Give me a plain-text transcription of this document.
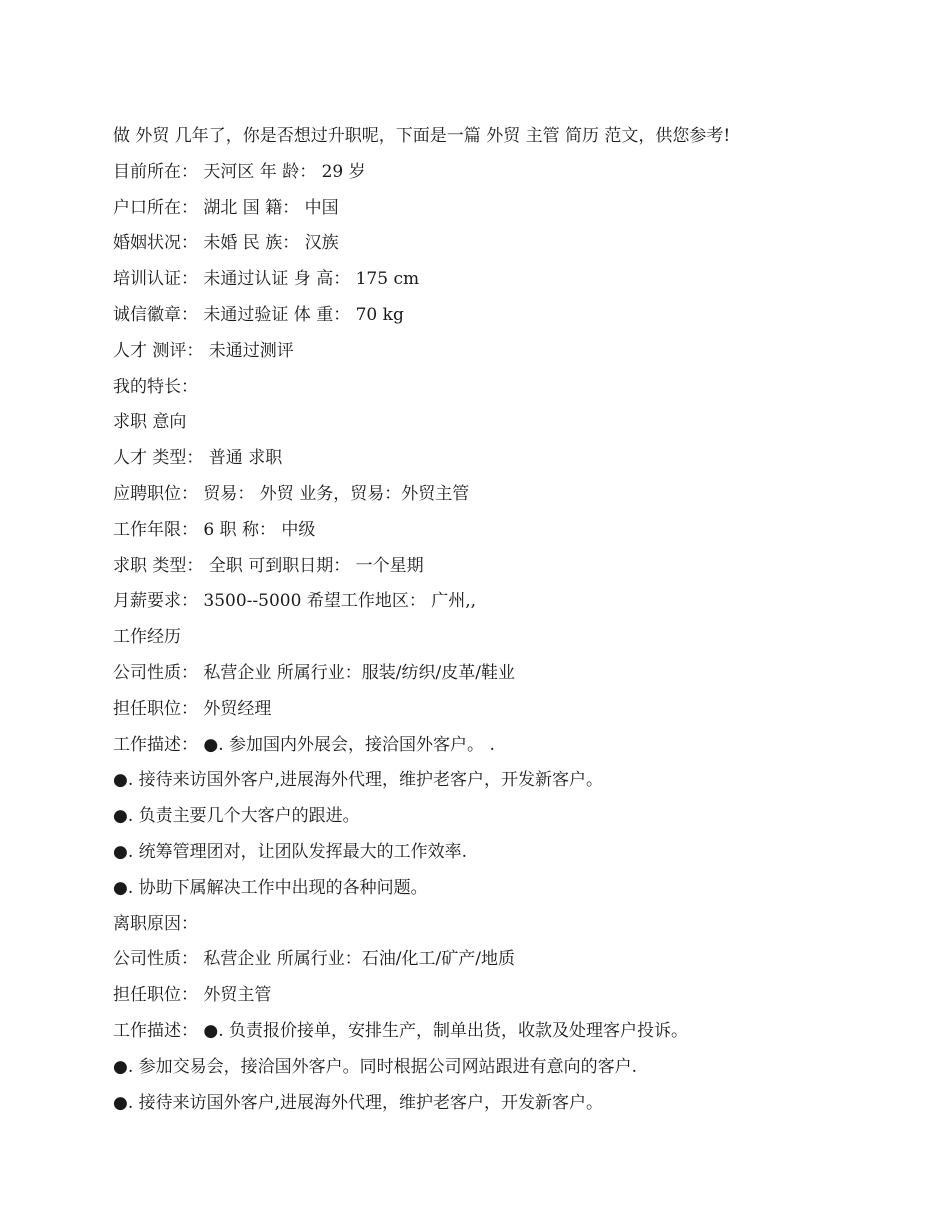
做 外贸 几年了，你是否想过升职呢，下面是一篇 外贸 主管 简历 范文，供您参考!

目前所在： 天河区 年 龄： 29 岁

户口所在： 湖北 国 籍： 中国

婚姻状况： 未婚 民 族： 汉族

培训认证： 未通过认证 身 高： 175 cm

诚信徽章： 未通过验证 体 重： 70 kg

人才 测评： 未通过测评

我的特长：

求职 意向

人才 类型： 普通 求职

应聘职位： 贸易： 外贸 业务，贸易：外贸主管

工作年限： 6 职 称： 中级

求职 类型： 全职 可到职日期： 一个星期

月薪要求： 3500--5000 希望工作地区： 广州,,

工作经历

公司性质： 私营企业 所属行业：服装/纺织/皮革/鞋业

担任职位： 外贸经理

工作描述： ●. 参加国内外展会，接洽国外客户。 .

●. 接待来访国外客户,进展海外代理，维护老客户，开发新客户。

●. 负责主要几个大客户的跟进。

●. 统筹管理团对，让团队发挥最大的工作效率.

●. 协助下属解决工作中出现的各种问题。

离职原因：

公司性质： 私营企业 所属行业：石油/化工/矿产/地质

担任职位： 外贸主管

工作描述： ●. 负责报价接单，安排生产，制单出货，收款及处理客户投诉。

●. 参加交易会，接洽国外客户。同时根据公司网站跟进有意向的客户.

●. 接待来访国外客户,进展海外代理，维护老客户，开发新客户。
